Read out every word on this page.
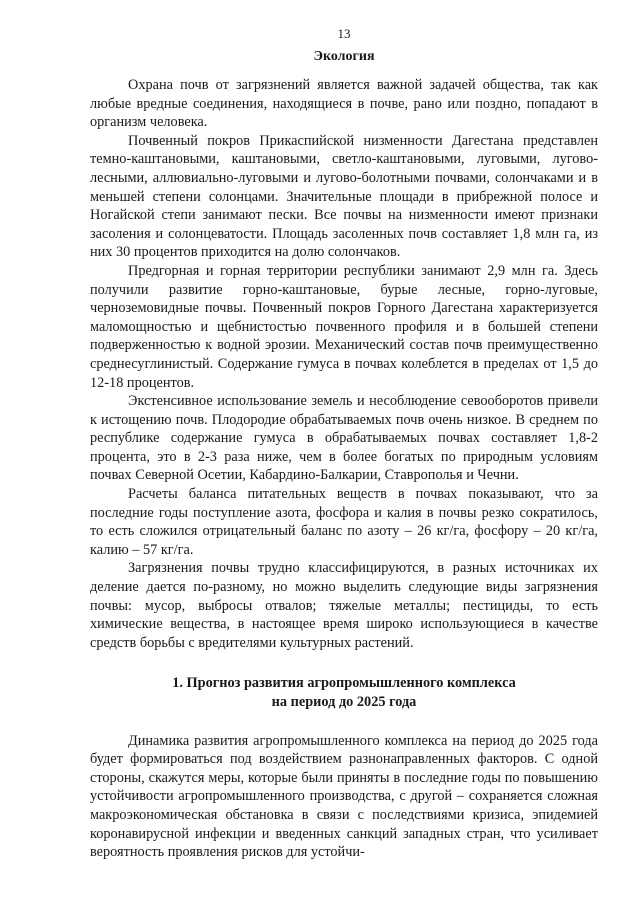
13
Экология

Охрана почв от загрязнений является важной задачей общества, так как любые вредные соединения, находящиеся в почве, рано или поздно, попадают в организм человека.

Почвенный покров Прикаспийской низменности Дагестана представлен темно-каштановыми, каштановыми, светло-каштановыми, луговыми, лугово-лесными, аллювиально-луговыми и лугово-болотными почвами, солончаками и в меньшей степени солонцами. Значительные площади в прибрежной полосе и Ногайской степи занимают пески. Все почвы на низменности имеют признаки засоления и солонцеватости. Площадь засоленных почв составляет 1,8 млн га, из них 30 процентов приходится на долю солончаков.

Предгорная и горная территории республики занимают 2,9 млн га. Здесь получили развитие горно-каштановые, бурые лесные, горно-луговые, черноземовидные почвы. Почвенный покров Горного Дагестана характеризуется маломощностью и щебнистостью почвенного профиля и в большей степени подверженностью к водной эрозии. Механический состав почв преимущественно среднесуглинистый. Содержание гумуса в почвах колеблется в пределах от 1,5 до 12-18 процентов.

Экстенсивное использование земель и несоблюдение севооборотов привели к истощению почв. Плодородие обрабатываемых почв очень низкое. В среднем по республике содержание гумуса в обрабатываемых почвах составляет 1,8-2 процента, это в 2-3 раза ниже, чем в более богатых по природным условиям почвах Северной Осетии, Кабардино-Балкарии, Ставрополья и Чечни.

Расчеты баланса питательных веществ в почвах показывают, что за последние годы поступление азота, фосфора и калия в почвы резко сократилось, то есть сложился отрицательный баланс по азоту – 26 кг/га, фосфору – 20 кг/га, калию – 57 кг/га.

Загрязнения почвы трудно классифицируются, в разных источниках их деление дается по-разному, но можно выделить следующие виды загрязнения почвы: мусор, выбросы отвалов; тяжелые металлы; пестициды, то есть химические вещества, в настоящее время широко использующиеся в качестве средств борьбы с вредителями культурных растений.

1. Прогноз развития агропромышленного комплекса
на период до 2025 года

Динамика развития агропромышленного комплекса на период до 2025 года будет формироваться под воздействием разнонаправленных факторов. С одной стороны, скажутся меры, которые были приняты в последние годы по повышению устойчивости агропромышленного производства, с другой – сохраняется сложная макроэкономическая обстановка в связи с последствиями кризиса, эпидемией коронавирусной инфекции и введенных санкций западных стран, что усиливает вероятность проявления рисков для устойчи-
